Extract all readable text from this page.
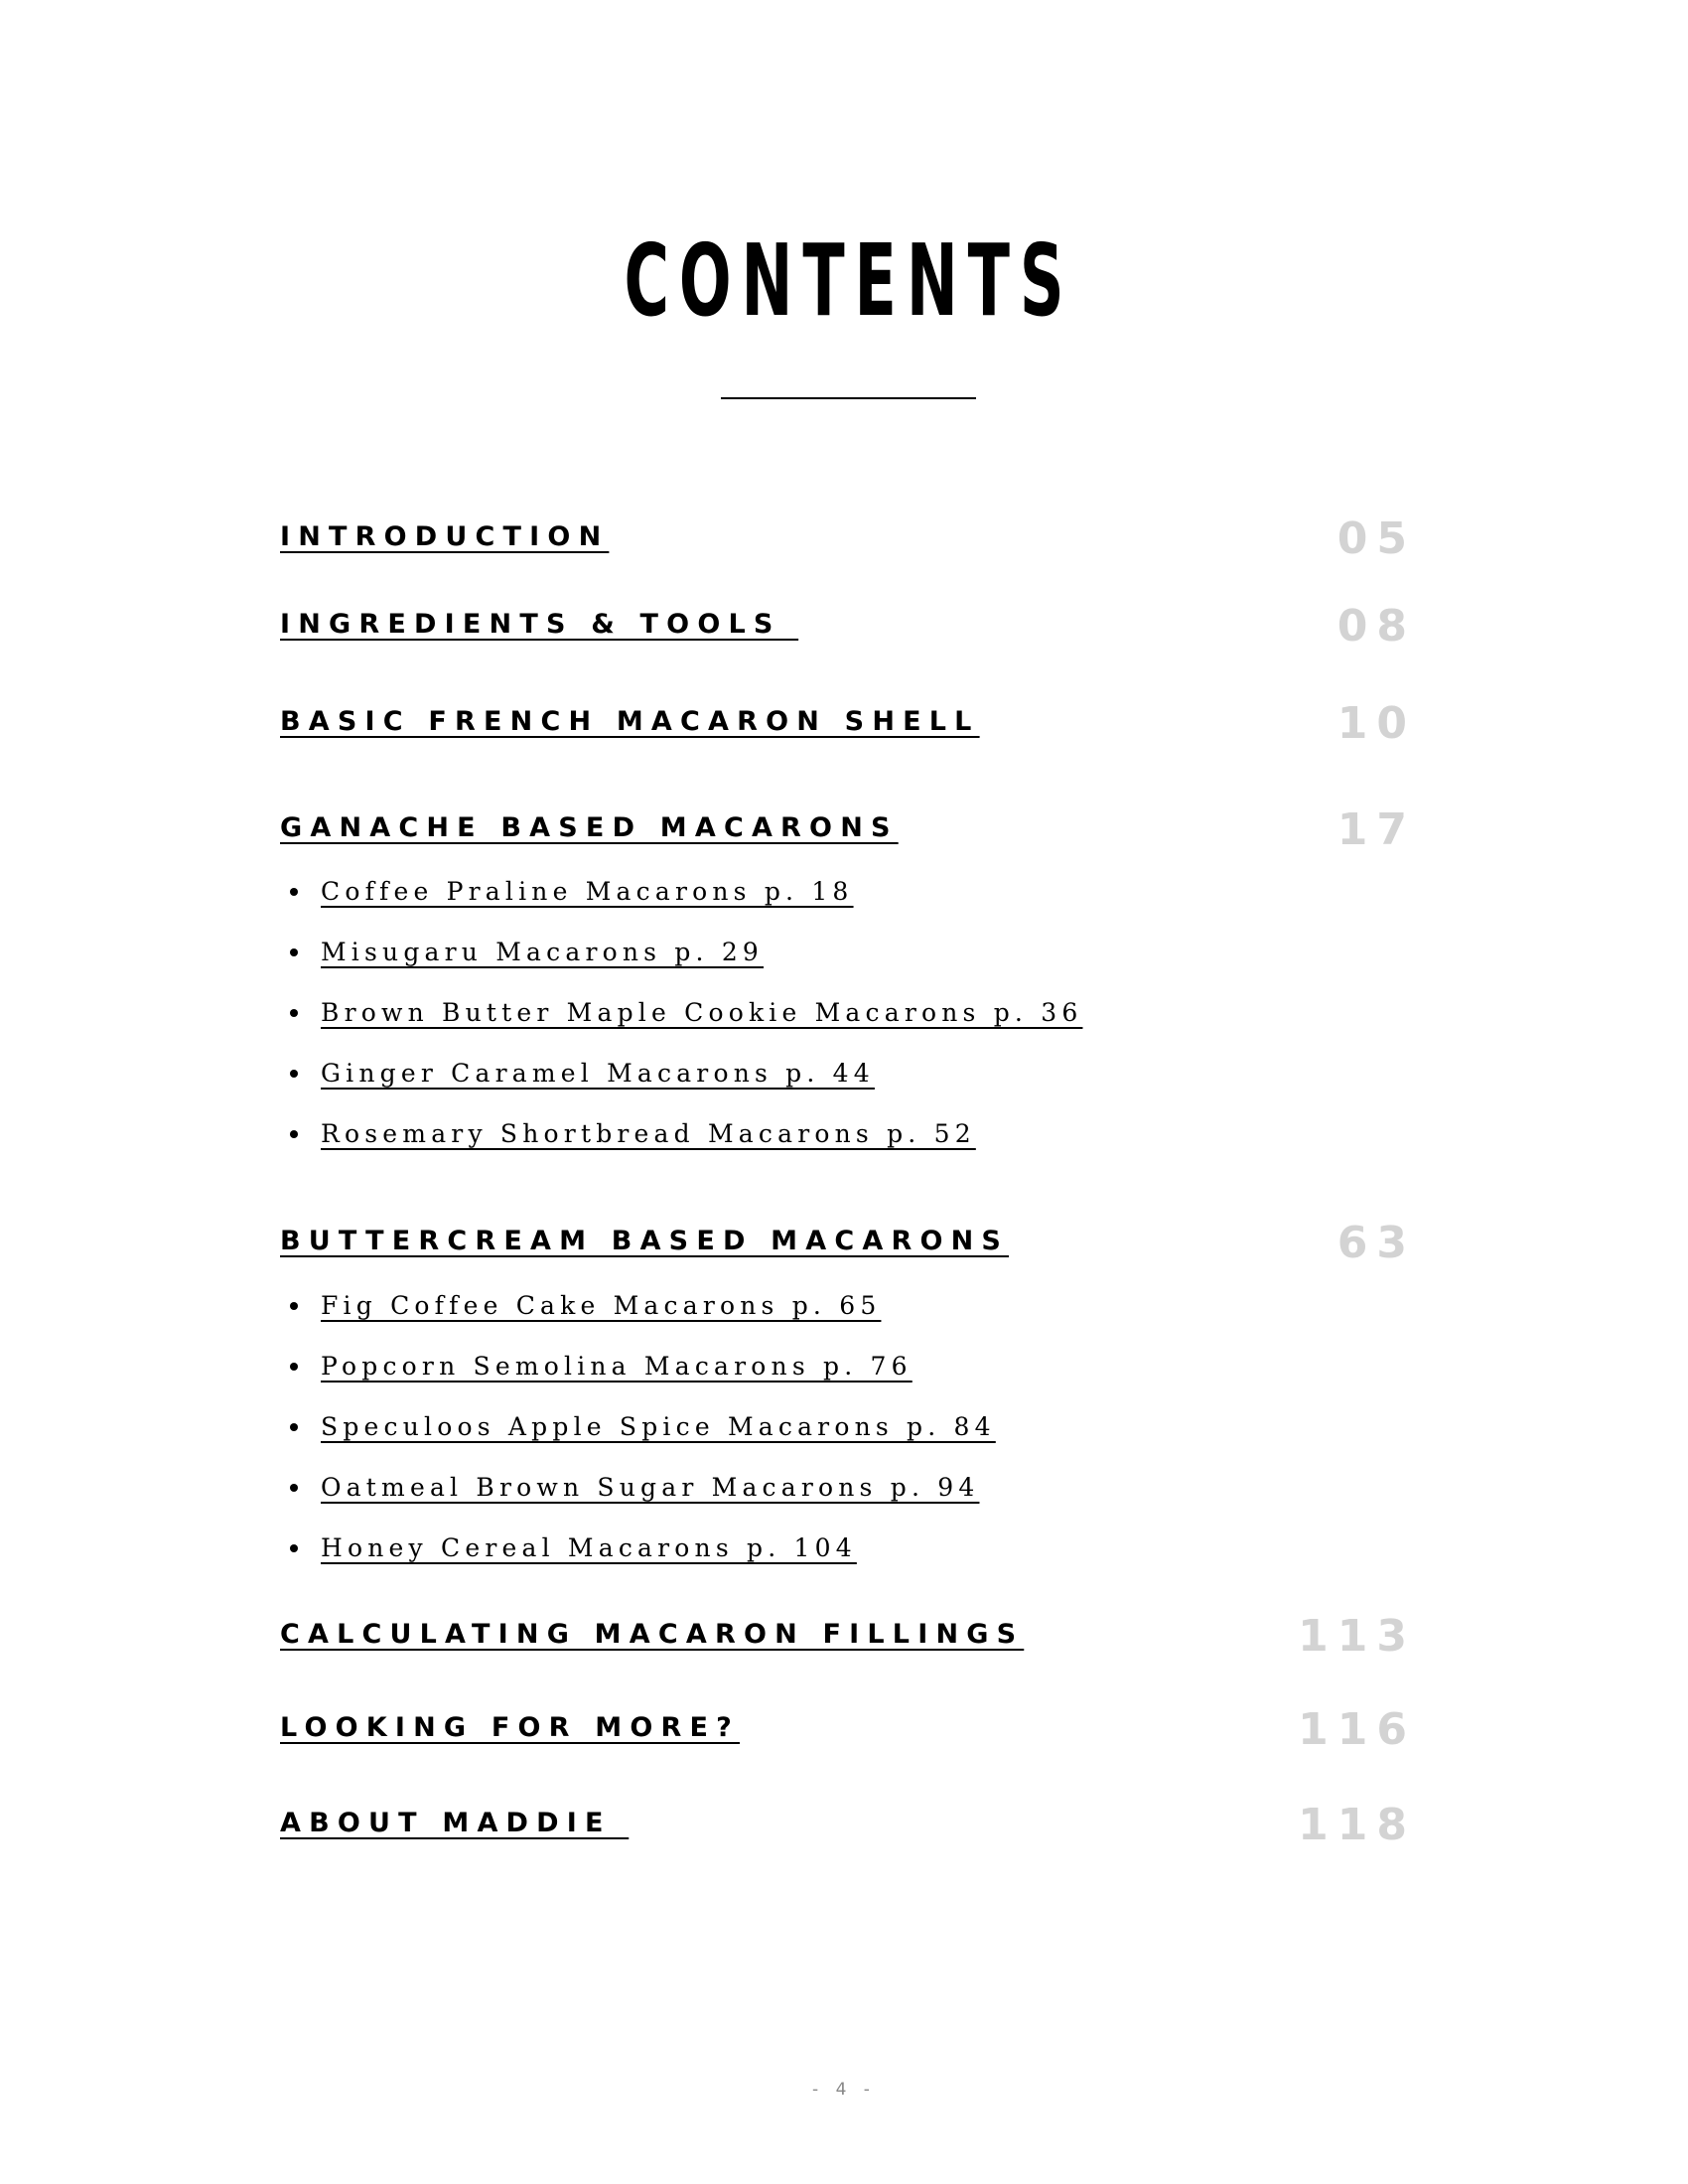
CONTENTS
INTRODUCTION	05
INGREDIENTS & TOOLS	08
BASIC FRENCH MACARON SHELL	10
GANACHE BASED MACARONS	17
Coffee Praline Macarons p. 18
Misugaru Macarons p. 29
Brown Butter Maple Cookie Macarons p. 36
Ginger Caramel Macarons p. 44
Rosemary Shortbread Macarons p. 52
BUTTERCREAM BASED MACARONS	63
Fig Coffee Cake Macarons p. 65
Popcorn Semolina Macarons p. 76
Speculoos Apple Spice Macarons p. 84
Oatmeal Brown Sugar Macarons p. 94
Honey Cereal Macarons p. 104
CALCULATING MACARON FILLINGS	113
LOOKING FOR MORE?	116
ABOUT MADDIE	118
- 4 -
